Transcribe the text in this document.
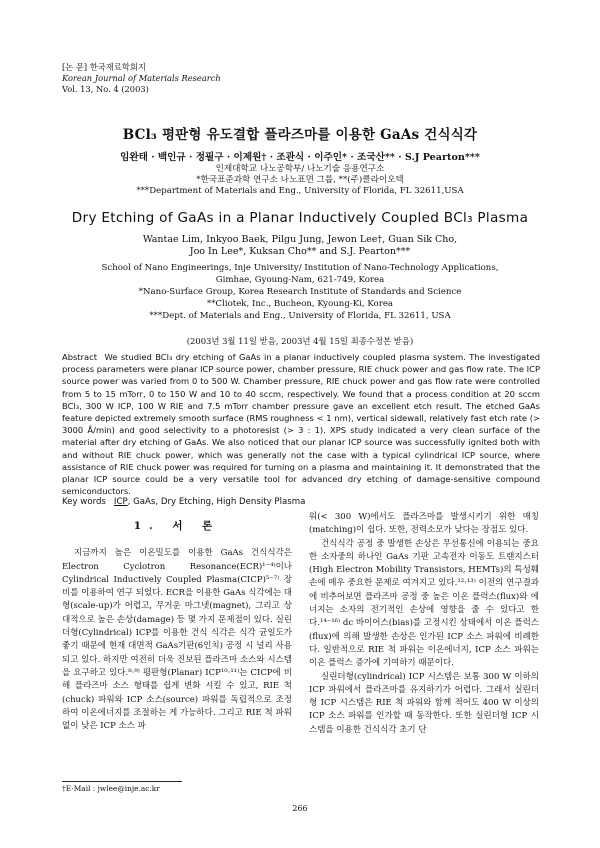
[논 문] 한국재료학회지
Korean Journal of Materials Research
Vol. 13, No. 4 (2003)
BCl₃ 평판형 유도결합 플라즈마를 이용한 GaAs 건식식각
임완태 · 백인규 · 정필구 · 이제원† · 조관식 · 이주인* · 조국산** · S.J Pearton***
인제대학교 나노공학부/ 나노기술 응용연구소
*한국표준과학 연구소 나노표면 그룹, **(주)클라이오텍
***Department of Materials and Eng., University of Florida, FL 32611,USA
Dry Etching of GaAs in a Planar Inductively Coupled BCl₃ Plasma
Wantae Lim, Inkyoo Baek, Pilgu Jung, Jewon Lee†, Guan Sik Cho,
Joo In Lee*, Kuksan Cho** and S.J. Pearton***
School of Nano Engineerings, Inje University/ Institution of Nano-Technology Applications,
Gimhae, Gyoung-Nam, 621-749, Korea
*Nano-Surface Group, Korea Research Institute of Standards and Science
**Cliotek, Inc., Bucheon, Kyoung-Ki, Korea
***Dept. of Materials and Eng., University of Florida, FL 32611, USA
(2003년 3월 11일 받음, 2003년 4월 15일 최종수정본 받음)
Abstract We studied BCl₃ dry etching of GaAs in a planar inductively coupled plasma system. The investigated process parameters were planar ICP source power, chamber pressure, RIE chuck power and gas flow rate. The ICP source power was varied from 0 to 500 W. Chamber pressure, RIE chuck power and gas flow rate were controlled from 5 to 15 mTorr, 0 to 150 W and 10 to 40 sccm, respectively. We found that a process condition at 20 sccm BCl₃, 300 W ICP, 100 W RIE and 7.5 mTorr chamber pressure gave an excellent etch result. The etched GaAs feature depicted extremely smooth surface (RMS roughness < 1 nm), vertical sidewall, relatively fast etch rate (> 3000 Å/min) and good selectivity to a photoresist (> 3 : 1). XPS study indicated a very clean surface of the material after dry etching of GaAs. We also noticed that our planar ICP source was successfully ignited both with and without RIE chuck power, which was generally not the case with a typical cylindrical ICP source, where assistance of RIE chuck power was required for turning on a plasma and maintaining it. It demonstrated that the planar ICP source could be a very versatile tool for advanced dry etching of damage-sensitive compound semiconductors.
Key words ICP, GaAs, Dry Etching, High Density Plasma
1. 서 론

지금까지 높은 이온밀도를 이용한 GaAs 건식식각은 Electron Cyclotron Resonance(ECR)¹⁻⁴⁾이나 Cylindrical Inductively Coupled Plasma(CICP)⁵⁻⁷⁾ 장비를 이용하여 연구 되었다. ECR을 이용한 GaAs 식각에는 대형(scale-up)가 어렵고, 무거운 마그넷(magnet), 그리고 상대적으로 높은 손상(damage) 등 몇 가지 문제점이 있다. 실린더형(Cylindrical) ICP를 이용한 건식 식각은 식각 균일도가 좋기 때문에 현재 대면적 GaAs기판(6인치) 공정 시 널리 사용되고 있다. 하지만 여전히 더욱 진보된 플라즈마 소스와 시스템을 요구하고 있다.⁸·⁹⁾ 평판형(Planar) ICP¹⁰·¹¹⁾는 CICP에 비해 플라즈마 소스 형태를 쉽게 변화 시킬 수 있고, RIE 척(chuck) 파워와 ICP 소스(source) 파워를 독립적으로 조정하여 이온에너지를 조절하는 게 가능하다. 그리고 RIE 척 파워 없이 낮은 ICP 소스 파

워(< 300 W)에서도 플라즈마를 발생시키기 위한 매칭(matching)이 쉽다. 또한, 전력소모가 낮다는 장점도 있다.

건식식각 공정 중 발생한 손상은 무선통신에 이용되는 중요한 소자중의 하나인 GaAs 기판 고속전자 이동도 트랜지스터(High Electron Mobility Transistors, HEMTs)의 특성훼손에 매우 중요한 문제로 여겨지고 있다.¹²·¹³⁾ 이전의 연구결과에 비추어보면 플라즈마 공정 중 높은 이온 플럭스(flux)와 에너지는 소자의 전기적인 손상에 영향을 줄 수 있다고 한다.¹⁴⁻¹⁶⁾ dc 바이어스(bias)를 고정시킨 상태에서 이온 플럭스(flux)에 의해 발생한 손상은 인가된 ICP 소스 파워에 비례한다. 일반적으로 RIE 척 파워는 이온에너지, ICP 소스 파워는 이온 플럭스 증가에 기여하기 때문이다.

실린더형(cylindrical) ICP 시스템은 보통 300 W 이하의 ICP 파워에서 플라즈마를 유지하기가 어렵다. 그래서 실린더형 ICP 시스템은 RIE 척 파워와 함께 적어도 400 W 이상의 ICP 소스 파워를 인가할 때 동작한다. 또한 실린더형 ICP 시스템을 이용한 건식식각 초기 단

†E-Mail : jwlee@inje.ac.kr
266
